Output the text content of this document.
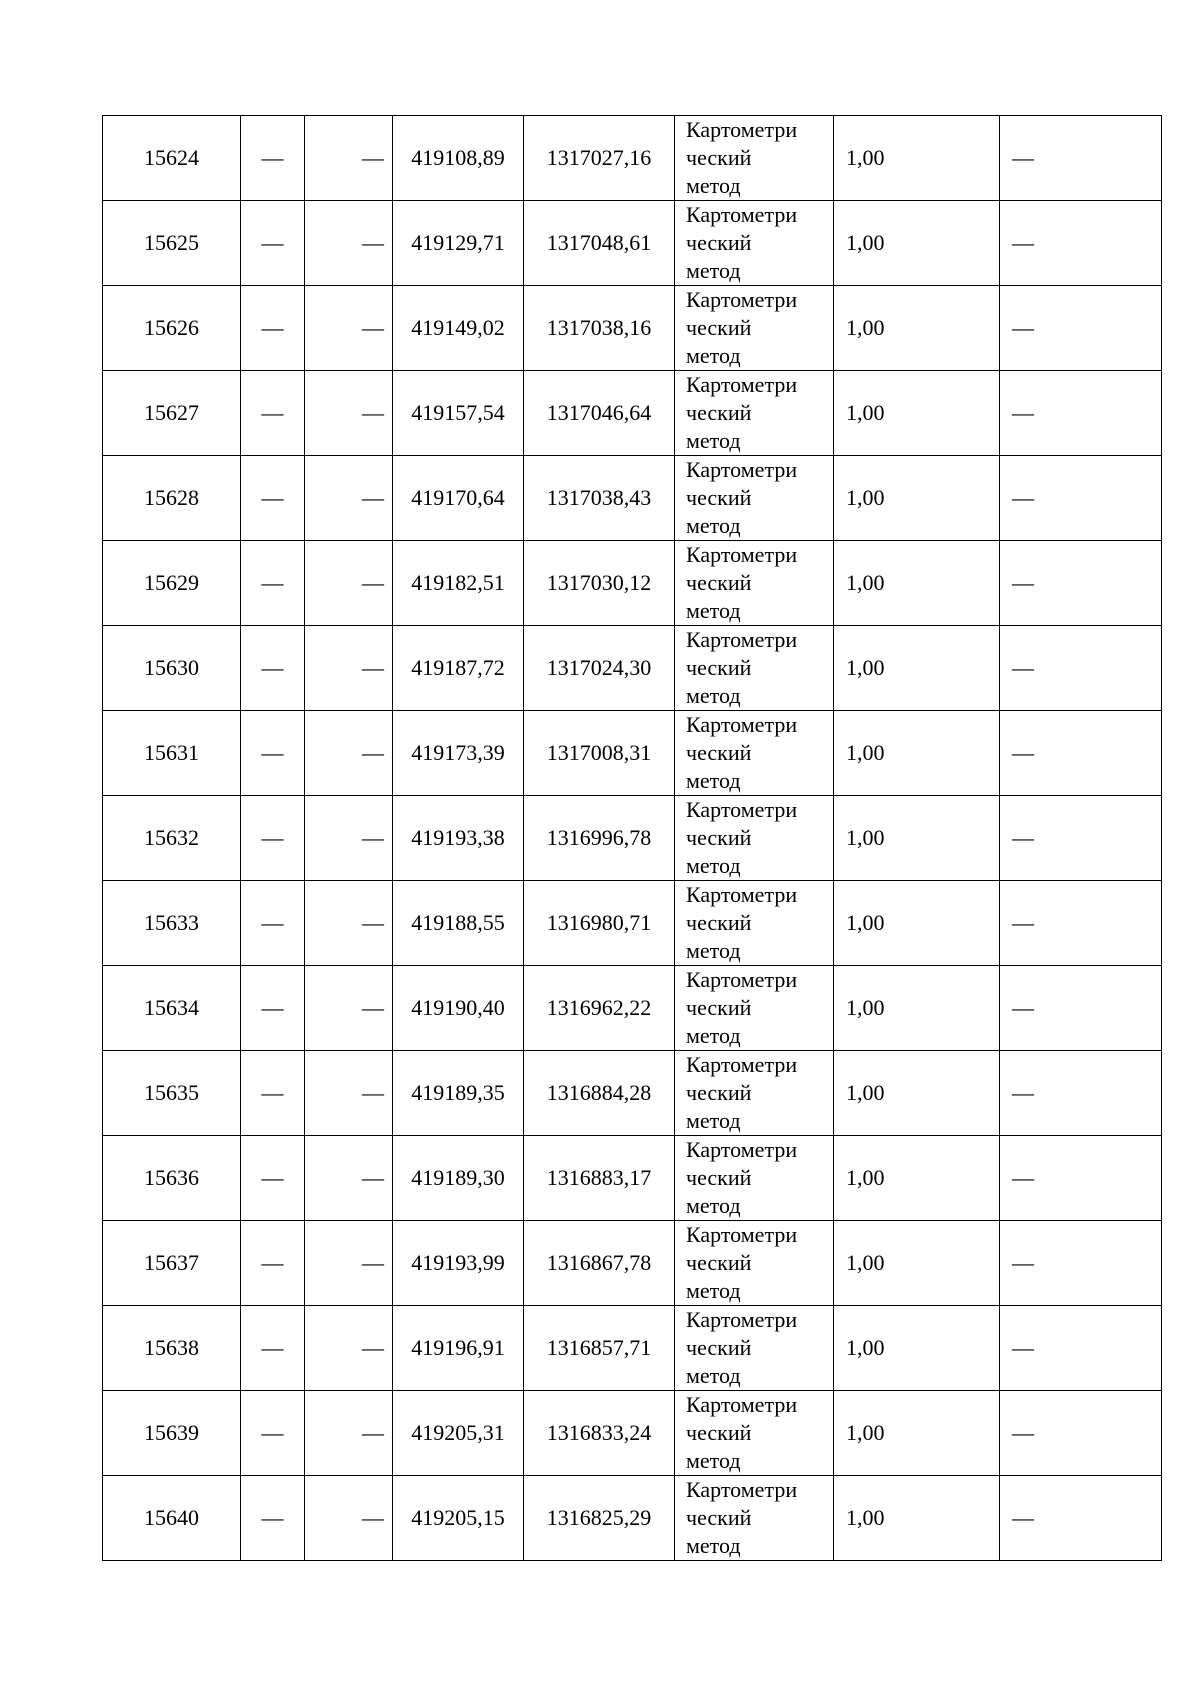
15624	—	—	419108,89	1317027,16	Картометри
ческий
метод	1,00	—
15625	—	—	419129,71	1317048,61	Картометри
ческий
метод	1,00	—
15626	—	—	419149,02	1317038,16	Картометри
ческий
метод	1,00	—
15627	—	—	419157,54	1317046,64	Картометри
ческий
метод	1,00	—
15628	—	—	419170,64	1317038,43	Картометри
ческий
метод	1,00	—
15629	—	—	419182,51	1317030,12	Картометри
ческий
метод	1,00	—
15630	—	—	419187,72	1317024,30	Картометри
ческий
метод	1,00	—
15631	—	—	419173,39	1317008,31	Картометри
ческий
метод	1,00	—
15632	—	—	419193,38	1316996,78	Картометри
ческий
метод	1,00	—
15633	—	—	419188,55	1316980,71	Картометри
ческий
метод	1,00	—
15634	—	—	419190,40	1316962,22	Картометри
ческий
метод	1,00	—
15635	—	—	419189,35	1316884,28	Картометри
ческий
метод	1,00	—
15636	—	—	419189,30	1316883,17	Картометри
ческий
метод	1,00	—
15637	—	—	419193,99	1316867,78	Картометри
ческий
метод	1,00	—
15638	—	—	419196,91	1316857,71	Картометри
ческий
метод	1,00	—
15639	—	—	419205,31	1316833,24	Картометри
ческий
метод	1,00	—
15640	—	—	419205,15	1316825,29	Картометри
ческий
метод	1,00	—
